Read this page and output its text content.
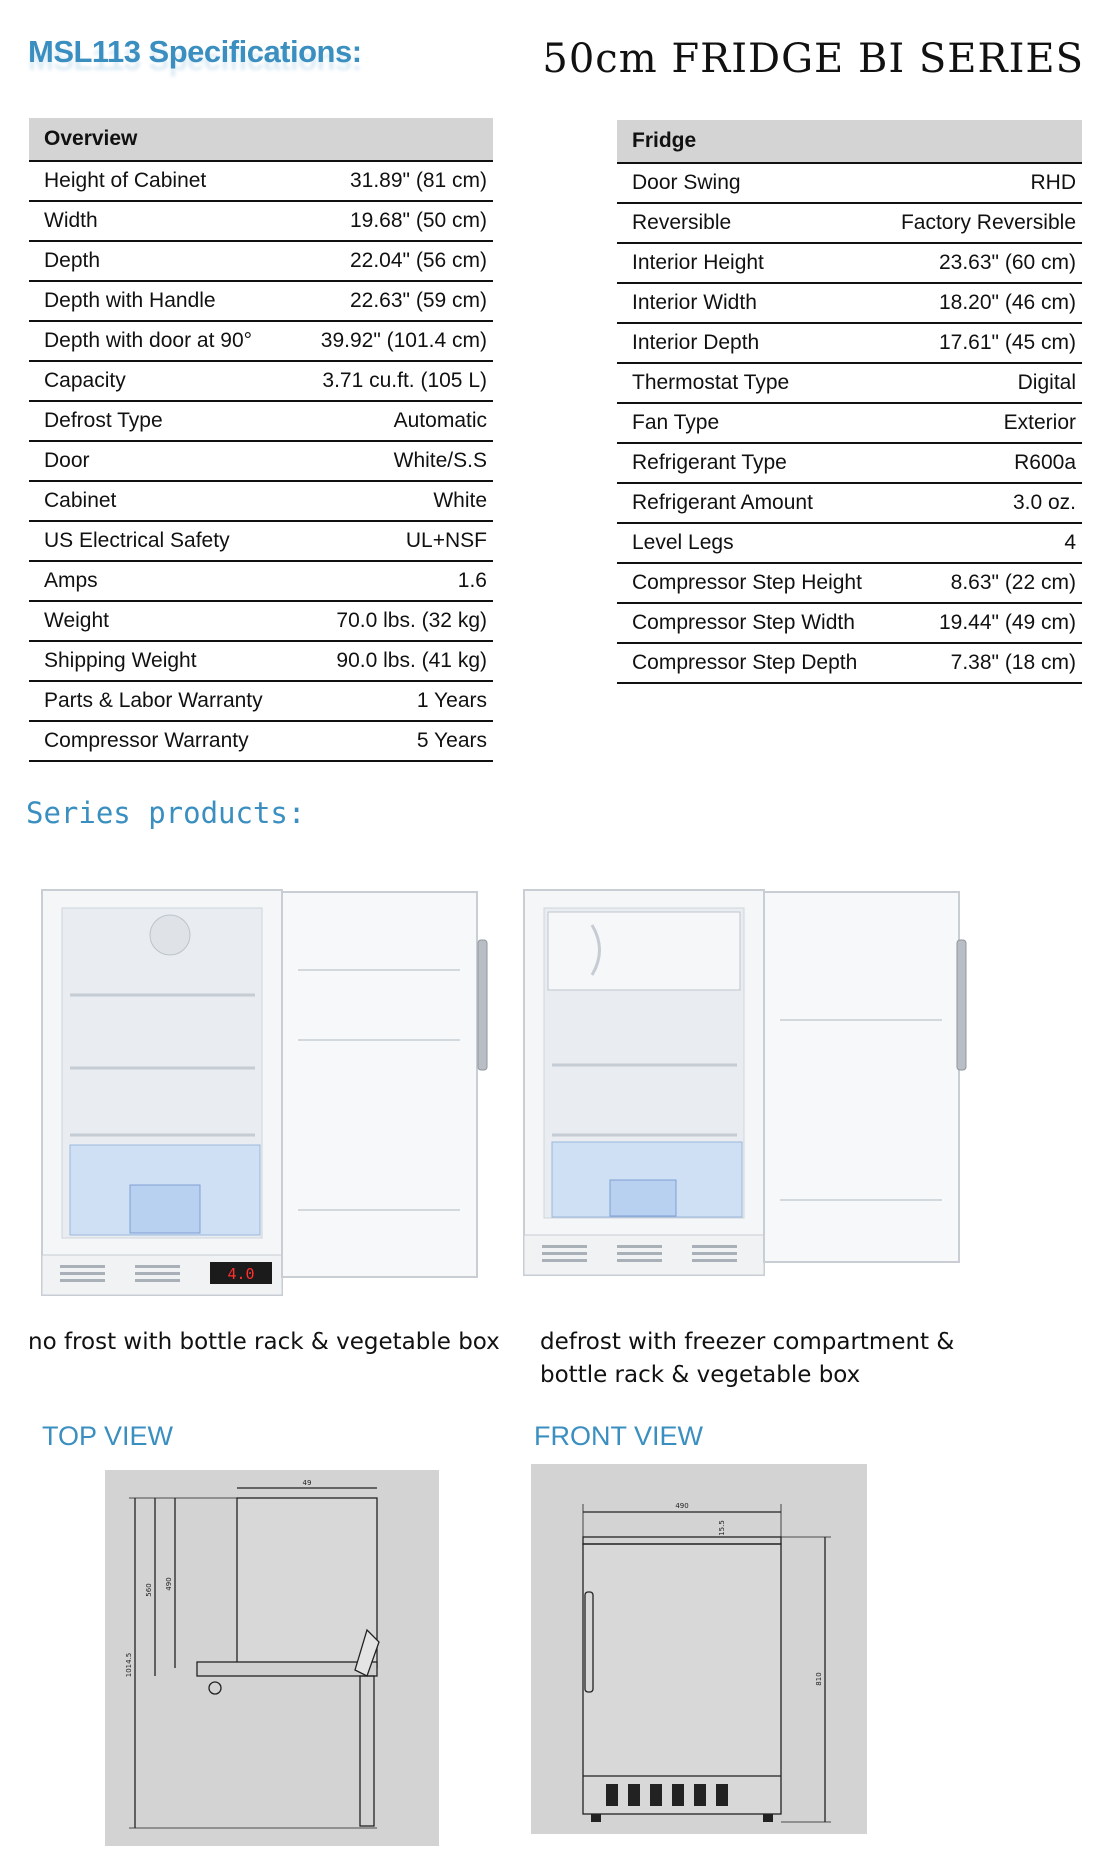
MSL113 Specifications:	50cm FRIDGE BI SERIES
Overview	
Height of Cabinet	31.89" (81 cm)
Width	19.68" (50 cm)
Depth	22.04" (56 cm)
Depth with Handle	22.63" (59 cm)
Depth with door at 90°	39.92" (101.4 cm)
Capacity	3.71 cu.ft. (105 L)
Defrost Type	Automatic
Door	White/S.S
Cabinet	White
US Electrical Safety	UL+NSF
Amps	1.6
Weight	70.0 lbs. (32 kg)
Shipping Weight	90.0 lbs. (41 kg)
Parts & Labor Warranty	1 Years
Compressor Warranty	5 Years
Fridge	
Door Swing	RHD
Reversible	Factory Reversible
Interior Height	23.63" (60 cm)
Interior Width	18.20" (46 cm)
Interior Depth	17.61" (45 cm)
Thermostat Type	Digital
Fan Type	Exterior
Refrigerant Type	R600a
Refrigerant Amount	3.0 oz.
Level Legs	4
Compressor Step Height	8.63" (22 cm)
Compressor Step Width	19.44" (49 cm)
Compressor Step Depth	7.38" (18 cm)
Series products:
4.0
no frost with bottle rack & vegetable box defrost with freezer compartment &
bottle rack & vegetable box
TOP VIEW	FRONT VIEW
49
560 490
1014.5
490
15.5
810
